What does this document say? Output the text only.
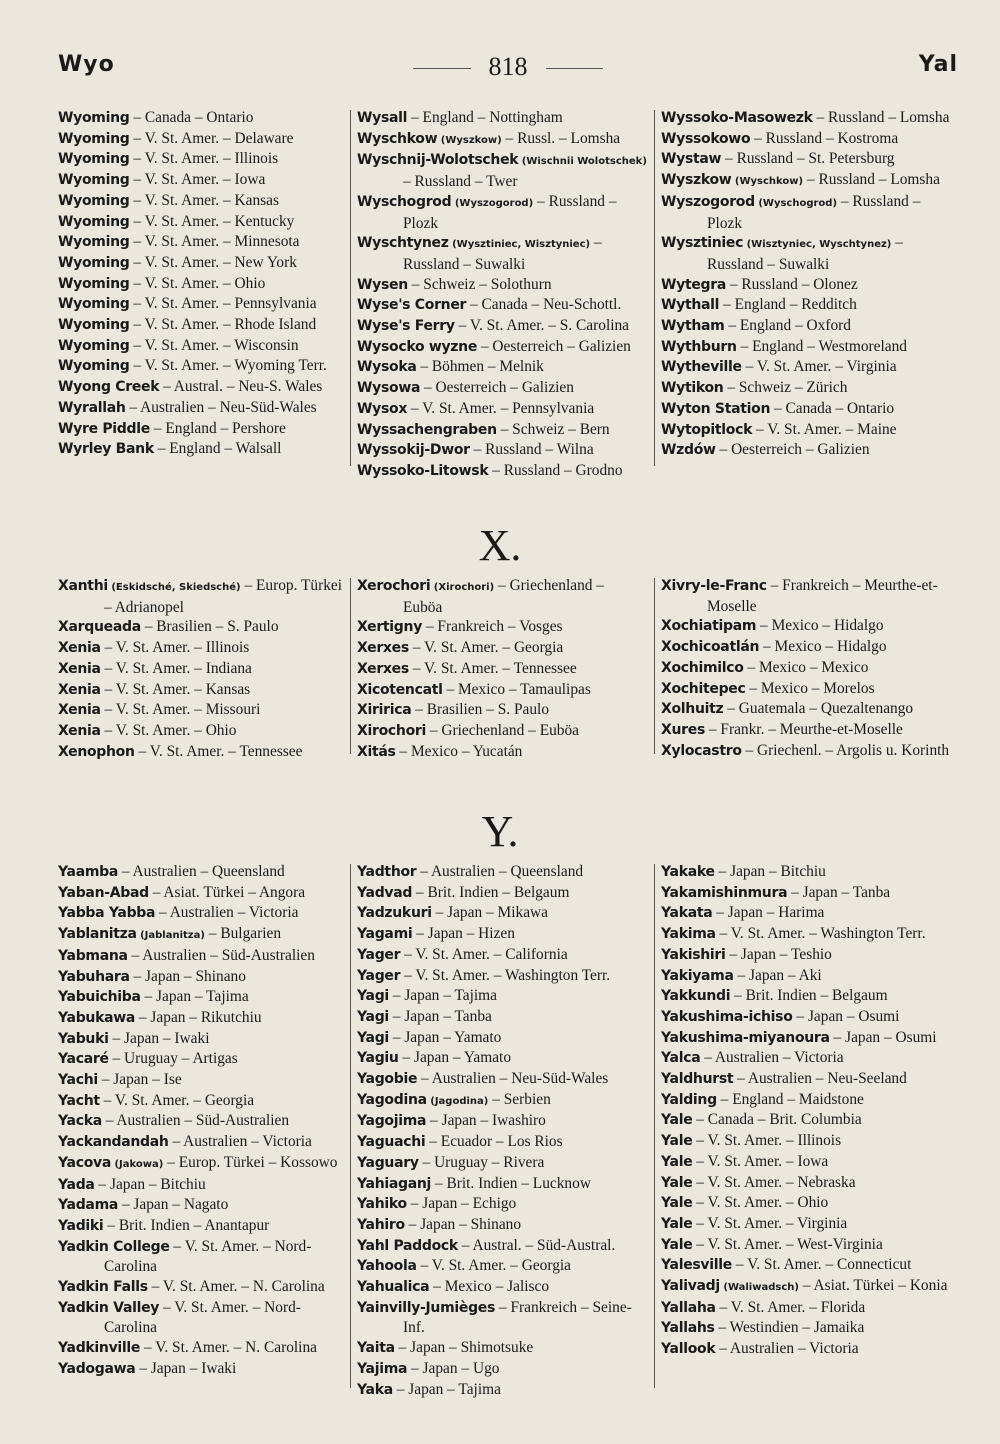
Wyo	818	Yal
Wyoming – Canada – Ontario
Wyoming – V. St. Amer. – Delaware
Wyoming – V. St. Amer. – Illinois
Wyoming – V. St. Amer. – Iowa
Wyoming – V. St. Amer. – Kansas
Wyoming – V. St. Amer. – Kentucky
Wyoming – V. St. Amer. – Minnesota
Wyoming – V. St. Amer. – New York
Wyoming – V. St. Amer. – Ohio
Wyoming – V. St. Amer. – Pennsylvania
Wyoming – V. St. Amer. – Rhode Island
Wyoming – V. St. Amer. – Wisconsin
Wyoming – V. St. Amer. – Wyoming Terr.
Wyong Creek – Austral. – Neu-S. Wales
Wyrallah – Australien – Neu-Süd-Wales
Wyre Piddle – England – Pershore
Wyrley Bank – England – Walsall
Wysall – England – Nottingham
Wyschkow (Wyszkow) – Russl. – Lomsha
Wyschnij-Wolotschek (Wischnii Wolotschek) – Russland – Twer
Wyschogrod (Wyszogorod) – Russland – Plozk
Wyschtynez (Wysztiniec, Wisztyniec) – Russland – Suwalki
Wysen – Schweiz – Solothurn
Wyse's Corner – Canada – Neu-Schottl.
Wyse's Ferry – V. St. Amer. – S. Carolina
Wysocko wyzne – Oesterreich – Galizien
Wysoka – Böhmen – Melnik
Wysowa – Oesterreich – Galizien
Wysox – V. St. Amer. – Pennsylvania
Wyssachengraben – Schweiz – Bern
Wyssokij-Dwor – Russland – Wilna
Wyssoko-Litowsk – Russland – Grodno
Wyssoko-Masowezk – Russland – Lomsha
Wyssokowo – Russland – Kostroma
Wystaw – Russland – St. Petersburg
Wyszkow (Wyschkow) – Russland – Lomsha
Wyszogorod (Wyschogrod) – Russland – Plozk
Wysztiniec (Wisztyniec, Wyschtynez) – Russland – Suwalki
Wytegra – Russland – Olonez
Wythall – England – Redditch
Wytham – England – Oxford
Wythburn – England – Westmoreland
Wytheville – V. St. Amer. – Virginia
Wytikon – Schweiz – Zürich
Wyton Station – Canada – Ontario
Wytopitlock – V. St. Amer. – Maine
Wzdów – Oesterreich – Galizien
X.
Xanthi (Eskidsché, Skiedsché) – Europ. Türkei – Adrianopel
Xarqueada – Brasilien – S. Paulo
Xenia – V. St. Amer. – Illinois
Xenia – V. St. Amer. – Indiana
Xenia – V. St. Amer. – Kansas
Xenia – V. St. Amer. – Missouri
Xenia – V. St. Amer. – Ohio
Xenophon – V. St. Amer. – Tennessee
Xerochori (Xirochori) – Griechenland – Euböa
Xertigny – Frankreich – Vosges
Xerxes – V. St. Amer. – Georgia
Xerxes – V. St. Amer. – Tennessee
Xicotencatl – Mexico – Tamaulipas
Xiririca – Brasilien – S. Paulo
Xirochori – Griechenland – Euböa
Xitás – Mexico – Yucatán
Xivry-le-Franc – Frankreich – Meurthe-et-Moselle
Xochiatipam – Mexico – Hidalgo
Xochicoatlán – Mexico – Hidalgo
Xochimilco – Mexico – Mexico
Xochitepec – Mexico – Morelos
Xolhuitz – Guatemala – Quezaltenango
Xures – Frankr. – Meurthe-et-Moselle
Xylocastro – Griechenl. – Argolis u. Korinth
Y.
Yaamba – Australien – Queensland
Yaban-Abad – Asiat. Türkei – Angora
Yabba Yabba – Australien – Victoria
Yablanitza (Jablanitza) – Bulgarien
Yabmana – Australien – Süd-Australien
Yabuhara – Japan – Shinano
Yabuichiba – Japan – Tajima
Yabukawa – Japan – Rikutchiu
Yabuki – Japan – Iwaki
Yacaré – Uruguay – Artigas
Yachi – Japan – Ise
Yacht – V. St. Amer. – Georgia
Yacka – Australien – Süd-Australien
Yackandandah – Australien – Victoria
Yacova (Jakowa) – Europ. Türkei – Kossowo
Yada – Japan – Bitchiu
Yadama – Japan – Nagato
Yadiki – Brit. Indien – Anantapur
Yadkin College – V. St. Amer. – Nord-Carolina
Yadkin Falls – V. St. Amer. – N. Carolina
Yadkin Valley – V. St. Amer. – Nord-Carolina
Yadkinville – V. St. Amer. – N. Carolina
Yadogawa – Japan – Iwaki
Yadthor – Australien – Queensland
Yadvad – Brit. Indien – Belgaum
Yadzukuri – Japan – Mikawa
Yagami – Japan – Hizen
Yager – V. St. Amer. – California
Yager – V. St. Amer. – Washington Terr.
Yagi – Japan – Tajima
Yagi – Japan – Tanba
Yagi – Japan – Yamato
Yagiu – Japan – Yamato
Yagobie – Australien – Neu-Süd-Wales
Yagodina (Jagodina) – Serbien
Yagojima – Japan – Iwashiro
Yaguachi – Ecuador – Los Rios
Yaguary – Uruguay – Rivera
Yahiaganj – Brit. Indien – Lucknow
Yahiko – Japan – Echigo
Yahiro – Japan – Shinano
Yahl Paddock – Austral. – Süd-Austral.
Yahoola – V. St. Amer. – Georgia
Yahualica – Mexico – Jalisco
Yainvilly-Jumièges – Frankreich – Seine-Inf.
Yaita – Japan – Shimotsuke
Yajima – Japan – Ugo
Yaka – Japan – Tajima
Yakake – Japan – Bitchiu
Yakamishinmura – Japan – Tanba
Yakata – Japan – Harima
Yakima – V. St. Amer. – Washington Terr.
Yakishiri – Japan – Teshio
Yakiyama – Japan – Aki
Yakkundi – Brit. Indien – Belgaum
Yakushima-ichiso – Japan – Osumi
Yakushima-miyanoura – Japan – Osumi
Yalca – Australien – Victoria
Yaldhurst – Australien – Neu-Seeland
Yalding – England – Maidstone
Yale – Canada – Brit. Columbia
Yale – V. St. Amer. – Illinois
Yale – V. St. Amer. – Iowa
Yale – V. St. Amer. – Nebraska
Yale – V. St. Amer. – Ohio
Yale – V. St. Amer. – Virginia
Yale – V. St. Amer. – West-Virginia
Yalesville – V. St. Amer. – Connecticut
Yalivadj (Waliwadsch) – Asiat. Türkei – Konia
Yallaha – V. St. Amer. – Florida
Yallahs – Westindien – Jamaika
Yallook – Australien – Victoria
